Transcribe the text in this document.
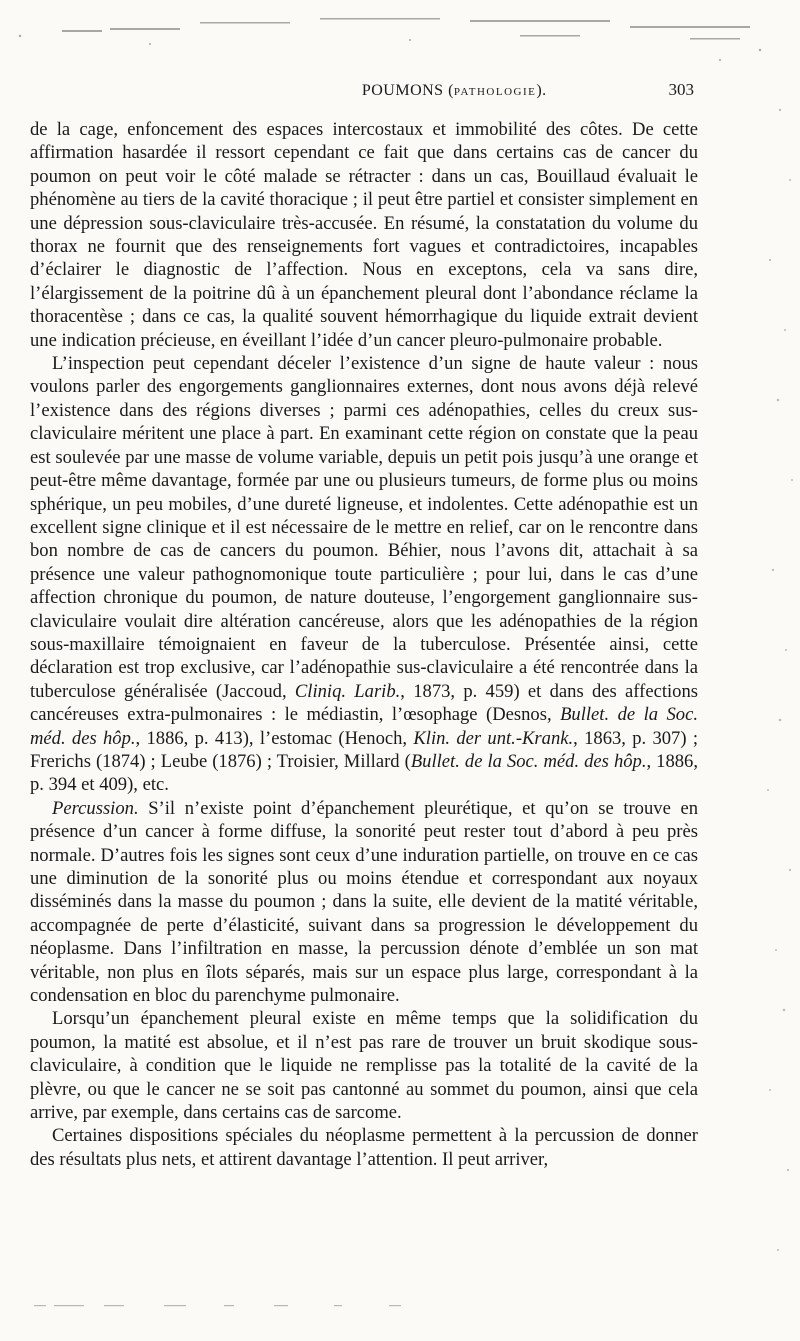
POUMONS (PATHOLOGIE).	303

de la cage, enfoncement des espaces intercostaux et immobilité des côtes. De cette affirmation hasardée il ressort cependant ce fait que dans certains cas de cancer du poumon on peut voir le côté malade se rétracter : dans un cas, Bouillaud évaluait le phénomène au tiers de la cavité thoracique ; il peut être partiel et consister simplement en une dépression sous-claviculaire très-accusée. En résumé, la constatation du volume du thorax ne fournit que des renseignements fort vagues et contradictoires, incapables d’éclairer le diagnostic de l’affection. Nous en exceptons, cela va sans dire, l’élargissement de la poitrine dû à un épanchement pleural dont l’abondance réclame la thoracentèse ; dans ce cas, la qualité souvent hémorrhagique du liquide extrait devient une indication précieuse, en éveillant l’idée d’un cancer pleuro-pulmonaire probable.

L’inspection peut cependant déceler l’existence d’un signe de haute valeur : nous voulons parler des engorgements ganglionnaires externes, dont nous avons déjà relevé l’existence dans des régions diverses ; parmi ces adénopathies, celles du creux sus-claviculaire méritent une place à part. En examinant cette région on constate que la peau est soulevée par une masse de volume variable, depuis un petit pois jusqu’à une orange et peut-être même davantage, formée par une ou plusieurs tumeurs, de forme plus ou moins sphérique, un peu mobiles, d’une dureté ligneuse, et indolentes. Cette adénopathie est un excellent signe clinique et il est nécessaire de le mettre en relief, car on le rencontre dans bon nombre de cas de cancers du poumon. Béhier, nous l’avons dit, attachait à sa présence une valeur pathognomonique toute particulière ; pour lui, dans le cas d’une affection chronique du poumon, de nature douteuse, l’engorgement ganglionnaire sus-claviculaire voulait dire altération cancéreuse, alors que les adénopathies de la région sous-maxillaire témoignaient en faveur de la tuberculose. Présentée ainsi, cette déclaration est trop exclusive, car l’adénopathie sus-claviculaire a été rencontrée dans la tuberculose généralisée (Jaccoud, Cliniq. Larib., 1873, p. 459) et dans des affections cancéreuses extra-pulmonaires : le médiastin, l’œsophage (Desnos, Bullet. de la Soc. méd. des hôp., 1886, p. 413), l’estomac (Henoch, Klin. der unt.-Krank., 1863, p. 307) ; Frerichs (1874) ; Leube (1876) ; Troisier, Millard (Bullet. de la Soc. méd. des hôp., 1886, p. 394 et 409), etc.

Percussion. S’il n’existe point d’épanchement pleurétique, et qu’on se trouve en présence d’un cancer à forme diffuse, la sonorité peut rester tout d’abord à peu près normale. D’autres fois les signes sont ceux d’une induration partielle, on trouve en ce cas une diminution de la sonorité plus ou moins étendue et correspondant aux noyaux disséminés dans la masse du poumon ; dans la suite, elle devient de la matité véritable, accompagnée de perte d’élasticité, suivant dans sa progression le développement du néoplasme. Dans l’infiltration en masse, la percussion dénote d’emblée un son mat véritable, non plus en îlots séparés, mais sur un espace plus large, correspondant à la condensation en bloc du parenchyme pulmonaire.

Lorsqu’un épanchement pleural existe en même temps que la solidification du poumon, la matité est absolue, et il n’est pas rare de trouver un bruit skodique sous-claviculaire, à condition que le liquide ne remplisse pas la totalité de la cavité de la plèvre, ou que le cancer ne se soit pas cantonné au sommet du poumon, ainsi que cela arrive, par exemple, dans certains cas de sarcome.

Certaines dispositions spéciales du néoplasme permettent à la percussion de donner des résultats plus nets, et attirent davantage l’attention. Il peut arriver,
